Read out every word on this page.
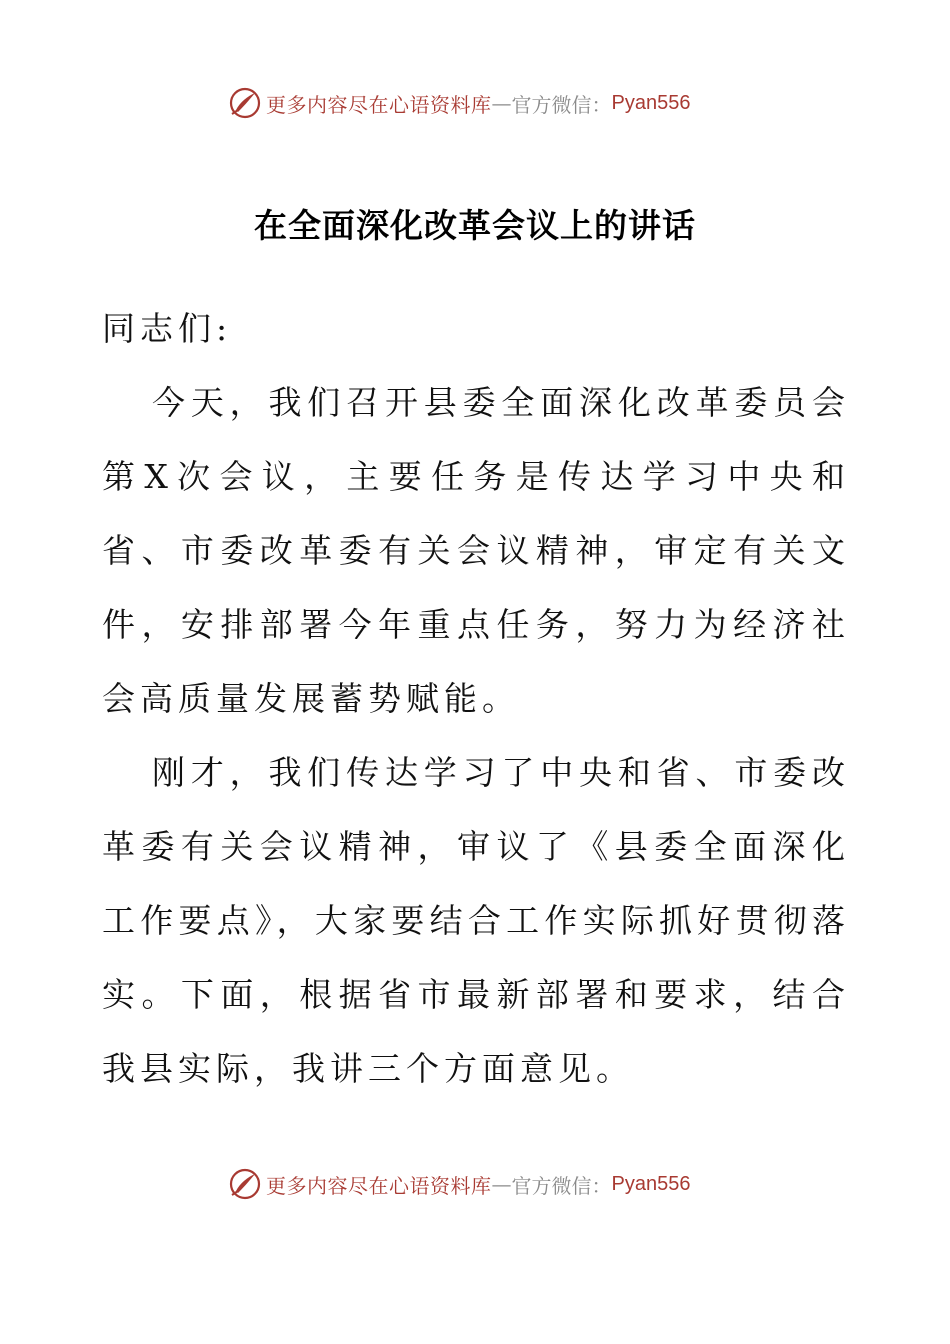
更多内容尽在心语资料库 — 官方微信： Pyan556
在全面深化改革会议上的讲话

同志们:

今天，我们召开县委全面深化改革委员会第X次会议，主要任务是传达学习中央和省、市委改革委有关会议精神，审定有关文件，安排部署今年重点任务，努力为经济社会高质量发展蓄势赋能。

刚才，我们传达学习了中央和省、市委改革委有关会议精神，审议了《县委全面深化工作要点》，大家要结合工作实际抓好贯彻落实。下面，根据省市最新部署和要求，结合我县实际，我讲三个方面意见。

更多内容尽在心语资料库 — 官方微信： Pyan556
